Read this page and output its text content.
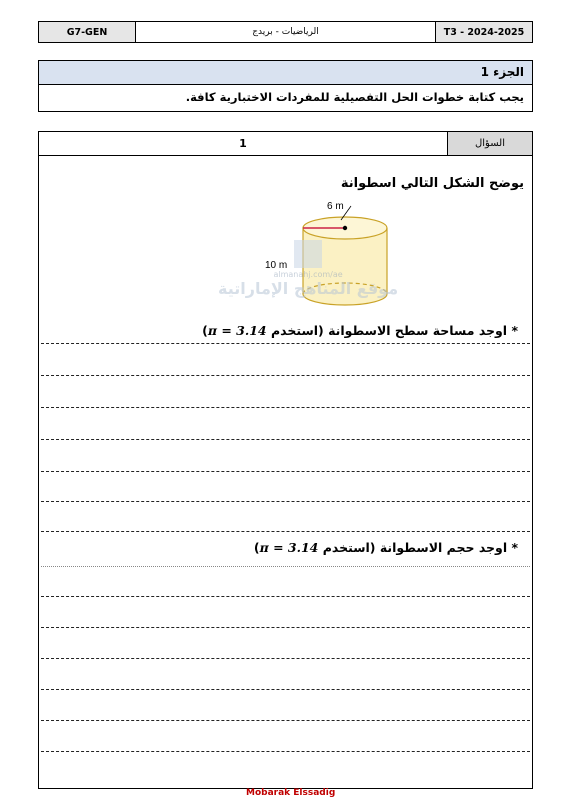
G7-GEN	الرياضيات - بريدج	T3 - 2024-2025
الجزء 1
يجب كتابة خطوات الحل التفصيلية للمفردات الاختبارية كافة.
1	السؤال
يوضح الشكل التالي اسطوانة
6 m
10 m
* اوجد مساحة سطح الاسطوانة (استخدم π = 3.14)
* اوجد حجم الاسطوانة (استخدم π = 3.14)
almanahj.com/ae
موقع المناهج الإماراتية
Mobarak Elssadig
